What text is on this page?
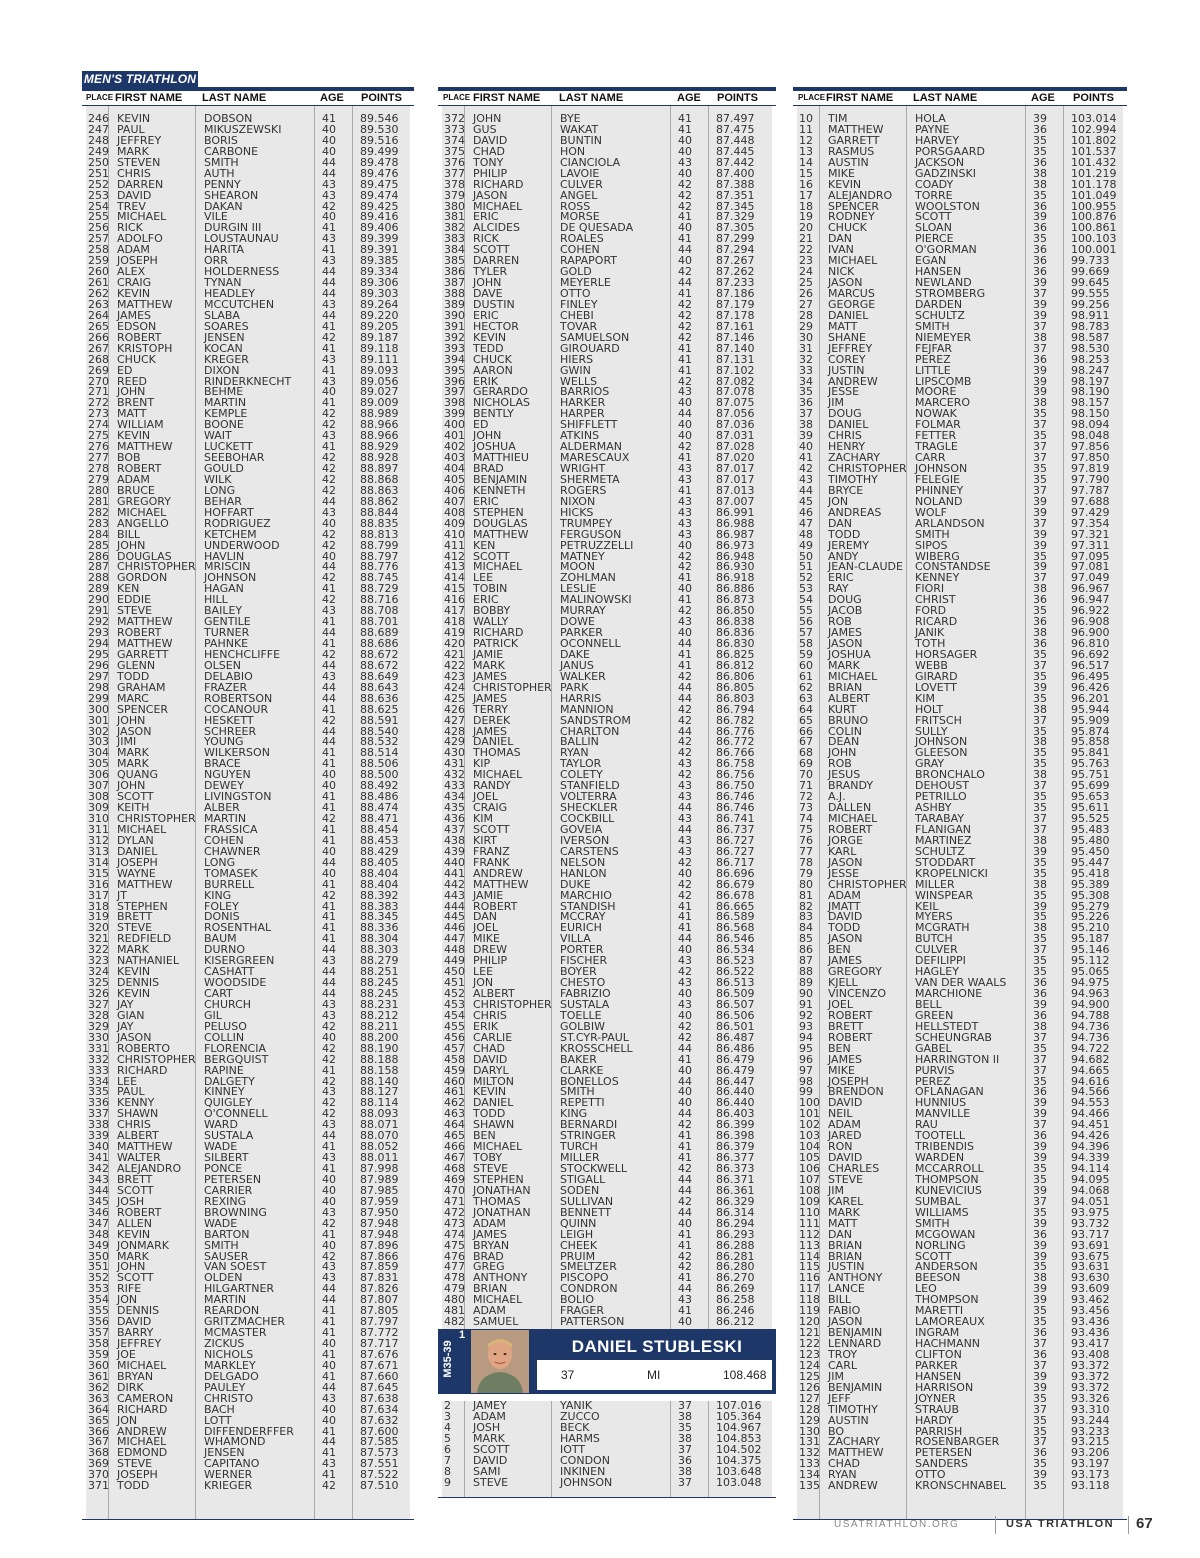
MEN'S TRIATHLON
PLACE FIRST NAME LAST NAME	AGE POINTS
246 KEVIN	DOBSON	41 89.546
247 PAUL	MIKUSZEWSKI	40 89.530
248 JEFFREY	BORIS	40 89.516
249 MARK	CARBONE	40 89.499
250 STEVEN	SMITH	44 89.478
251 CHRIS	AUTH	44 89.476
252 DARREN	PENNY	43 89.475
253 DAVID	SHEARON	43 89.474
254 TREV	DAKAN	42 89.425
255 MICHAEL	VILE	40 89.416
256 RICK	DURGIN III	41 89.406
257 ADOLFO	LOUSTAUNAU	43 89.399
258 ADAM	HARITA	41 89.391
259 JOSEPH	ORR	43 89.385
260 ALEX	HOLDERNESS	44 89.334
261 CRAIG	TYNAN	44 89.306
262 KEVIN	HEADLEY	44 89.303
263 MATTHEW	MCCUTCHEN	43 89.264
264 JAMES	SLABA	44 89.220
265 EDSON	SOARES	41 89.205
266 ROBERT	JENSEN	42 89.187
267 KRISTOPH	KOCAN	41 89.118
268 CHUCK	KREGER	43 89.111
269 ED	DIXON	41 89.093
270 REED	RINDERKNECHT	43 89.056
271 JOHN	BEHME	40 89.027
272 BRENT	MARTIN	41 89.009
273 MATT	KEMPLE	42 88.989
274 WILLIAM	BOONE	42 88.966
275 KEVIN	WAIT	43 88.966
276 MATTHEW	LUCKETT	41 88.929
277 BOB	SEEBOHAR	42 88.928
278 ROBERT	GOULD	42 88.897
279 ADAM	WILK	42 88.868
280 BRUCE	LONG	42 88.863
281 GREGORY	BEHAR	44 88.862
282 MICHAEL	HOFFART	43 88.844
283 ANGELLO	RODRIGUEZ	40 88.835
284 BILL	KETCHEM	42 88.813
285 JOHN	UNDERWOOD	42 88.799
286 DOUGLAS	HAVLIN	40 88.797
287 CHRISTOPHER MRISCIN	44 88.776
288 GORDON	JOHNSON	42 88.745
289 KEN	HAGAN	41 88.729
290 EDDIE	HILL	42 88.716
291 STEVE	BAILEY	43 88.708
292 MATTHEW	GENTILE	41 88.701
293 ROBERT	TURNER	44 88.689
294 MATTHEW	PAHNKE	41 88.686
295 GARRETT	HENCHCLIFFE	42 88.672
296 GLENN	OLSEN	44 88.672
297 TODD	DELABIO	43 88.649
298 GRAHAM	FRAZER	44 88.643
299 MARC	ROBERTSON	44 88.636
300 SPENCER	COCANOUR	41 88.625
301 JOHN	HESKETT	42 88.591
302 JASON	SCHREER	44 88.540
303 JIMI	YOUNG	44 88.532
304 MARK	WILKERSON	41 88.514
305 MARK	BRACE	41 88.506
306 QUANG	NGUYEN	40 88.500
307 JOHN	DEWEY	40 88.492
308 SCOTT	LIVINGSTON	41 88.486
309 KEITH	ALBER	41 88.474
310 CHRISTOPHER MARTIN	42 88.471
311 MICHAEL	FRASSICA	41 88.454
312 DYLAN	COHEN	41 88.453
313 DANIEL	CHAWNER	40 88.429
314 JOSEPH	LONG	44 88.405
315 WAYNE	TOMASEK	40 88.404
316 MATTHEW	BURRELL	41 88.404
317 JT	KING	42 88.392
318 STEPHEN	FOLEY	41 88.383
319 BRETT	DONIS	41 88.345
320 STEVE	ROSENTHAL	41 88.336
321 REDFIELD	BAUM	41 88.304
322 MARK	DURNO	44 88.303
323 NATHANIEL KISERGREEN	43 88.279
324 KEVIN	CASHATT	44 88.251
325 DENNIS	WOODSIDE	44 88.245
326 KEVIN	CART	44 88.245
327 JAY	CHURCH	43 88.231
328 GIAN	GIL	43 88.212
329 JAY	PELUSO	42 88.211
330 JASON	COLLIN	40 88.200
331 ROBERTO	FLORENCIA	42 88.190
332 CHRISTOPHER BERGQUIST	42 88.188
333 RICHARD	RAPINE	41 88.158
334 LEE	DALGETY	42 88.140
335 PAUL	KINNEY	43 88.127
336 KENNY	QUIGLEY	42 88.114
337 SHAWN	O'CONNELL	42 88.093
338 CHRIS	WARD	43 88.071
339 ALBERT	SUSTALA	44 88.070
340 MATTHEW	WADE	41 88.052
341 WALTER	SILBERT	43 88.011
342 ALEJANDRO PONCE	41 87.998
343 BRETT	PETERSEN	40 87.989
344 SCOTT	CARRIER	40 87.985
345 JOSH	REXING	40 87.959
346 ROBERT	BROWNING	43 87.950
347 ALLEN	WADE	42 87.948
348 KEVIN	BARTON	41 87.948
349 JONMARK	SMITH	40 87.896
350 MARK	SAUSER	42 87.866
351 JOHN	VAN SOEST	43 87.859
352 SCOTT	OLDEN	43 87.831
353 RIFE	HILGARTNER	44 87.826
354 JON	MARTIN	44 87.807
355 DENNIS	REARDON	41 87.805
356 DAVID	GRITZMACHER	41 87.797
357 BARRY	MCMASTER	41 87.772
358 JEFFREY	ZICKUS	40 87.717
359 JOE	NICHOLS	41 87.676
360 MICHAEL	MARKLEY	40 87.671
361 BRYAN	DELGADO	41 87.660
362 DIRK	PAULEY	44 87.645
363 CAMERON	CHRISTO	43 87.638
364 RICHARD	BACH	40 87.634
365 JON	LOTT	40 87.632
366 ANDREW	DIFFENDERFFER	41 87.600
367 MICHAEL	WHAMOND	44 87.585
368 EDMOND	JENSEN	41 87.573
369 STEVE	CAPITANO	43 87.551
370 JOSEPH	WERNER	41 87.522
371 TODD	KRIEGER	42 87.510
PLACE FIRST NAME LAST NAME	AGE POINTS
372 JOHN	BYE	41 87.497
373 GUS	WAKAT	41 87.475
374 DAVID	BUNTIN	40 87.448
375 CHAD	HON	40 87.445
376 TONY	CIANCIOLA	43 87.442
377 PHILIP	LAVOIE	40 87.400
378 RICHARD	CULVER	42 87.388
379 JASON	ANGEL	42 87.351
380 MICHAEL	ROSS	42 87.345
381 ERIC	MORSE	41 87.329
382 ALCIDES	DE QUESADA	40 87.305
383 RICK	ROALES	41 87.299
384 SCOTT	COHEN	44 87.294
385 DARREN	RAPAPORT	40 87.267
386 TYLER	GOLD	42 87.262
387 JOHN	MEYERLE	44 87.233
388 DAVE	OTTO	41 87.186
389 DUSTIN	FINLEY	42 87.179
390 ERIC	CHEBI	42 87.178
391 HECTOR	TOVAR	42 87.161
392 KEVIN	SAMUELSON	42 87.146
393 TEDD	GIROUARD	41 87.140
394 CHUCK	HIERS	41 87.131
395 AARON	GWIN	41 87.102
396 ERIK	WELLS	42 87.082
397 GERARDO	BARRIOS	43 87.078
398 NICHOLAS	HARKER	40 87.075
399 BENTLY	HARPER	44 87.056
400 ED	SHIFFLETT	40 87.036
401 JOHN	ATKINS	40 87.031
402 JOSHUA	ALDERMAN	42 87.028
403 MATTHIEU	MARESCAUX	41 87.020
404 BRAD	WRIGHT	43 87.017
405 BENJAMIN	SHERMETA	43 87.017
406 KENNETH	ROGERS	41 87.013
407 ERIC	NIXON	43 87.007
408 STEPHEN	HICKS	43 86.991
409 DOUGLAS	TRUMPEY	43 86.988
410 MATTHEW	FERGUSON	43 86.987
411 KEN	PETRUZZELLI	40 86.973
412 SCOTT	MATNEY	42 86.948
413 MICHAEL	MOON	42 86.930
414 LEE	ZOHLMAN	41 86.918
415 TOBIN	LESLIE	40 86.886
416 ERIC	MALINOWSKI	41 86.873
417 BOBBY	MURRAY	42 86.850
418 WALLY	DOWE	43 86.838
419 RICHARD	PARKER	40 86.836
420 PATRICK	OCONNELL	44 86.830
421 JAMIE	DAKE	41 86.825
422 MARK	JANUS	41 86.812
423 JAMES	WALKER	42 86.806
424 CHRISTOPHER PARK	44 86.805
425 JAMES	HARRIS	44 86.803
426 TERRY	MANNION	42 86.794
427 DEREK	SANDSTROM	42 86.782
428 JAMES	CHARLTON	44 86.776
429 DANIEL	BALLIN	42 86.772
430 THOMAS	RYAN	42 86.766
431 KIP	TAYLOR	43 86.758
432 MICHAEL	COLETY	42 86.756
433 RANDY	STANFIELD	43 86.750
434 JOEL	VOLTERRA	43 86.746
435 CRAIG	SHECKLER	44 86.746
436 KIM	COCKBILL	43 86.741
437 SCOTT	GOVEIA	44 86.737
438 KIRT	IVERSON	43 86.727
439 FRANZ	CARSTENS	43 86.727
440 FRANK	NELSON	42 86.717
441 ANDREW	HANLON	40 86.696
442 MATTHEW	DUKE	42 86.679
443 JAMIE	MARCHIO	42 86.678
444 ROBERT	STANDISH	41 86.665
445 DAN	MCCRAY	41 86.589
446 JOEL	EURICH	41 86.568
447 MIKE	VILLA	44 86.546
448 DREW	PORTER	40 86.534
449 PHILIP	FISCHER	43 86.523
450 LEE	BOYER	42 86.522
451 JON	CHESTO	43 86.513
452 ALBERT	FABRIZIO	40 86.509
453 CHRISTOPHER SUSTALA	43 86.507
454 CHRIS	TOELLE	40 86.506
455 ERIK	GOLBIW	42 86.501
456 CARLIE	ST.CYR-PAUL	42 86.487
457 CHAD	KROSSCHELL	44 86.486
458 DAVID	BAKER	41 86.479
459 DARYL	CLARKE	40 86.479
460 MILTON	BONELLOS	44 86.447
461 KEVIN	SMITH	40 86.440
462 DANIEL	REPETTI	40 86.440
463 TODD	KING	44 86.403
464 SHAWN	BERNARDI	42 86.399
465 BEN	STRINGER	41 86.398
466 MICHAEL	TURCH	41 86.379
467 TOBY	MILLER	41 86.377
468 STEVE	STOCKWELL	42 86.373
469 STEPHEN	STIGALL	44 86.371
470 JONATHAN	SODEN	44 86.361
471 THOMAS	SULLIVAN	42 86.329
472 JONATHAN	BENNETT	44 86.314
473 ADAM	QUINN	40 86.294
474 JAMES	LEIGH	41 86.293
475 BRYAN	CHEEK	41 86.288
476 BRAD	PRUIM	42 86.281
477 GREG	SMELTZER	42 86.280
478 ANTHONY	PISCOPO	41 86.270
479 BRIAN	CONDRON	44 86.269
480 MICHAEL	BOLIO	43 86.258
481 ADAM	FRAGER	41 86.246
482 SAMUEL	PATTERSON	40 86.212
M35-39
1
DANIEL STUBLESKI
37	MI	108.468
2 JAMEY	YANIK	37 107.016
3 ADAM	ZUCCO	38 105.364
4 JOSH	BECK	35 104.967
5 MARK	HARMS	38 104.853
6 SCOTT	IOTT	37 104.502
7 DAVID	CONDON	36 104.375
8 SAMI	INKINEN	38 103.648
9 STEVE	JOHNSON	37 103.048
PLACE FIRST NAME LAST NAME	AGE POINTS
10 TIM	HOLA	39 103.014
11 MATTHEW	PAYNE	36 102.994
12 GARRETT	HARVEY	35 101.802
13 RASMUS	PORSGAARD	35 101.537
14 AUSTIN	JACKSON	36 101.432
15 MIKE	GADZINSKI	38 101.219
16 KEVIN	COADY	38 101.178
17 ALEJANDRO TORRE	35 101.049
18 SPENCER	WOOLSTON	36 100.955
19 RODNEY	SCOTT	39 100.876
20 CHUCK	SLOAN	36 100.861
21 DAN	PIERCE	35 100.103
22 IVAN	O'GORMAN	36 100.001
23 MICHAEL	EGAN	36 99.733
24 NICK	HANSEN	36 99.669
25 JASON	NEWLAND	39 99.645
26 MARCUS	STROMBERG	37 99.555
27 GEORGE	DARDEN	39 99.256
28 DANIEL	SCHULTZ	39 98.911
29 MATT	SMITH	37 98.783
30 SHANE	NIEMEYER	38 98.587
31 JEFFREY	FEJFAR	37 98.530
32 COREY	PEREZ	36 98.253
33 JUSTIN	LITTLE	39 98.247
34 ANDREW	LIPSCOMB	39 98.197
35 JESSE	MOORE	39 98.190
36 JIM	MARCERO	38 98.157
37 DOUG	NOWAK	35 98.150
38 DANIEL	FOLMAR	37 98.094
39 CHRIS	FETTER	35 98.048
40 HENRY	TRAGLE	37 97.856
41 ZACHARY	CARR	37 97.850
42 CHRISTOPHER JOHNSON	35 97.819
43 TIMOTHY	FELEGIE	35 97.790
44 BRYCE	PHINNEY	37 97.787
45 JON	NOLAND	39 97.688
46 ANDREAS	WOLF	39 97.429
47 DAN	ARLANDSON	37 97.354
48 TODD	SMITH	39 97.321
49 JEREMY	SIPOS	39 97.311
50 ANDY	WIBERG	35 97.095
51 JEAN-CLAUDE CONSTANDSE	39 97.081
52 ERIC	KENNEY	37 97.049
53 RAY	FIORI	38 96.967
54 DOUG	CHRIST	36 96.947
55 JACOB	FORD	35 96.922
56 ROB	RICARD	36 96.908
57 JAMES	JANIK	38 96.900
58 JASON	TOTH	36 96.810
59 JOSHUA	HORSAGER	35 96.692
60 MARK	WEBB	37 96.517
61 MICHAEL	GIRARD	35 96.495
62 BRIAN	LOVETT	39 96.426
63 ALBERT	KIM	35 96.201
64 KURT	HOLT	38 95.944
65 BRUNO	FRITSCH	37 95.909
66 COLIN	SULLY	35 95.874
67 DEAN	JOHNSON	38 95.858
68 JOHN	GLEESON	35 95.841
69 ROB	GRAY	35 95.763
70 JESUS	BRONCHALO	38 95.751
71 BRANDY	DEHOUST	37 95.699
72 A.J.	PETRILLO	35 95.653
73 DALLEN	ASHBY	35 95.611
74 MICHAEL	TARABAY	37 95.525
75 ROBERT	FLANIGAN	37 95.483
76 JORGE	MARTINEZ	38 95.480
77 KARL	SCHULTZ	39 95.450
78 JASON	STODDART	35 95.447
79 JESSE	KROPELNICKI	35 95.418
80 CHRISTOPHER MILLER	38 95.389
81 ADAM	WINSPEAR	35 95.308
82 JMATT	KEIL	39 95.279
83 DAVID	MYERS	35 95.226
84 TODD	MCGRATH	38 95.210
85 JASON	BUTCH	35 95.187
86 BEN	CULVER	37 95.146
87 JAMES	DEFILIPPI	35 95.112
88 GREGORY	HAGLEY	35 95.065
89 KJELL	VAN DER WAALS 36 94.975
90 VINCENZO	MARCHIONE	36 94.963
91 JOEL	BELL	39 94.900
92 ROBERT	GREEN	36 94.788
93 BRETT	HELLSTEDT	38 94.736
94 ROBERT	SCHEUNGRAB	37 94.736
95 BEN	GABEL	35 94.722
96 JAMES	HARRINGTON II	37 94.682
97 MIKE	PURVIS	37 94.665
98 JOSEPH	PEREZ	35 94.616
99 BRENDON	OFLANAGAN	36 94.566
100 DAVID	HUNNIUS	39 94.553
101 NEIL	MANVILLE	39 94.466
102 ADAM	RAU	37 94.451
103 JARED	TOOTELL	36 94.426
104 RON	TRIBENDIS	39 94.396
105 DAVID	WARDEN	39 94.339
106 CHARLES	MCCARROLL	35 94.114
107 STEVE	THOMPSON	35 94.095
108 JIM	KUNEVICIUS	39 94.068
109 KAREL	SUMBAL	37 94.051
110 MARK	WILLIAMS	35 93.975
111 MATT	SMITH	39 93.732
112 DAN	MCGOWAN	36 93.717
113 BRIAN	NORLING	39 93.691
114 BRIAN	SCOTT	39 93.675
115 JUSTIN	ANDERSON	35 93.631
116 ANTHONY	BEESON	38 93.630
117 LANCE	LEO	39 93.609
118 BILL	THOMPSON	39 93.462
119 FABIO	MARETTI	35 93.456
120 JASON	LAMOREAUX	35 93.436
121 BENJAMIN	INGRAM	36 93.436
122 LENNARD	HACHMANN	37 93.417
123 TROY	CLIFTON	36 93.408
124 CARL	PARKER	37 93.372
125 JIM	HANSEN	39 93.372
126 BENJAMIN	HARRISON	39 93.372
127 JEFF	JOYNER	35 93.326
128 TIMOTHY	STRAUB	37 93.310
129 AUSTIN	HARDY	35 93.244
130 BO	PARRISH	35 93.233
131 ZACHARY	ROSENBARGER	37 93.215
132 MATTHEW	PETERSEN	36 93.206
133 CHAD	SANDERS	35 93.197
134 RYAN	OTTO	39 93.173
135 ANDREW	KRONSCHNABEL 35 93.118
USATRIATHLON.ORG	USA TRIATHLON 67
